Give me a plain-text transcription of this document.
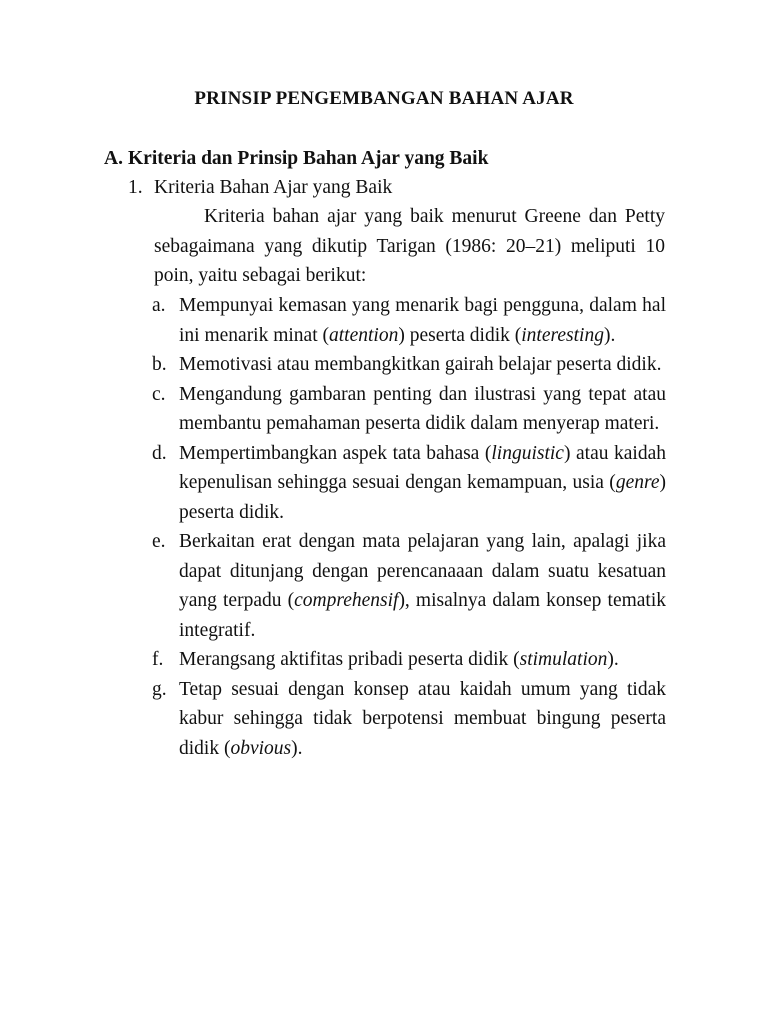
PRINSIP PENGEMBANGAN BAHAN AJAR
A. Kriteria dan Prinsip Bahan Ajar yang Baik
1. Kriteria Bahan Ajar yang Baik

Kriteria bahan ajar yang baik menurut Greene dan Petty sebagaimana yang dikutip Tarigan (1986: 20–21) meliputi 10 poin, yaitu sebagai berikut:

a. Mempunyai kemasan yang menarik bagi pengguna, dalam hal ini menarik minat (attention) peserta didik (interesting).
b. Memotivasi atau membangkitkan gairah belajar peserta didik.
c. Mengandung gambaran penting dan ilustrasi yang tepat atau membantu pemahaman peserta didik dalam menyerap materi.
d. Mempertimbangkan aspek tata bahasa (linguistic) atau kaidah kepenulisan sehingga sesuai dengan kemampuan, usia (genre) peserta didik.
e. Berkaitan erat dengan mata pelajaran yang lain, apalagi jika dapat ditunjang dengan perencanaaan dalam suatu kesatuan yang terpadu (comprehensif), misalnya dalam konsep tematik integratif.
f. Merangsang aktifitas pribadi peserta didik (stimulation).
g. Tetap sesuai dengan konsep atau kaidah umum yang tidak kabur sehingga tidak berpotensi membuat bingung peserta didik (obvious).
